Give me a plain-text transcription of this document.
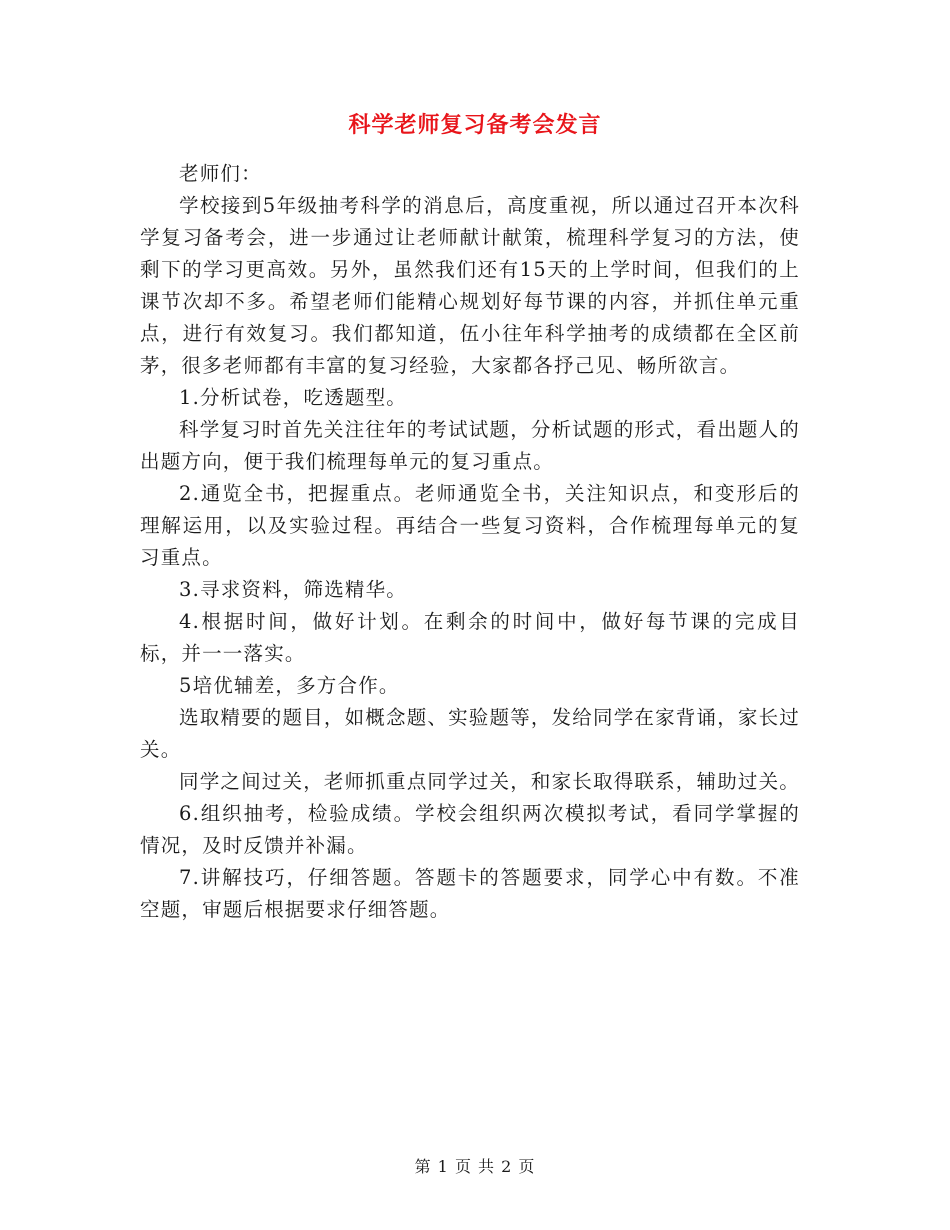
科学老师复习备考会发言

老师们：

学校接到5年级抽考科学的消息后，高度重视，所以通过召开本次科学复习备考会，进一步通过让老师献计献策，梳理科学复习的方法，使剩下的学习更高效。另外，虽然我们还有15天的上学时间，但我们的上课节次却不多。希望老师们能精心规划好每节课的内容，并抓住单元重点，进行有效复习。我们都知道，伍小往年科学抽考的成绩都在全区前茅，很多老师都有丰富的复习经验，大家都各抒己见、畅所欲言。

1.分析试卷，吃透题型。

科学复习时首先关注往年的考试试题，分析试题的形式，看出题人的出题方向，便于我们梳理每单元的复习重点。

2.通览全书，把握重点。老师通览全书，关注知识点，和变形后的理解运用，以及实验过程。再结合一些复习资料，合作梳理每单元的复习重点。

3.寻求资料，筛选精华。

4.根据时间，做好计划。在剩余的时间中，做好每节课的完成目标，并一一落实。

5培优辅差，多方合作。

选取精要的题目，如概念题、实验题等，发给同学在家背诵，家长过关。

同学之间过关，老师抓重点同学过关，和家长取得联系，辅助过关。

6.组织抽考，检验成绩。学校会组织两次模拟考试，看同学掌握的情况，及时反馈并补漏。

7.讲解技巧，仔细答题。答题卡的答题要求，同学心中有数。不准空题，审题后根据要求仔细答题。

第 1 页 共 2 页
